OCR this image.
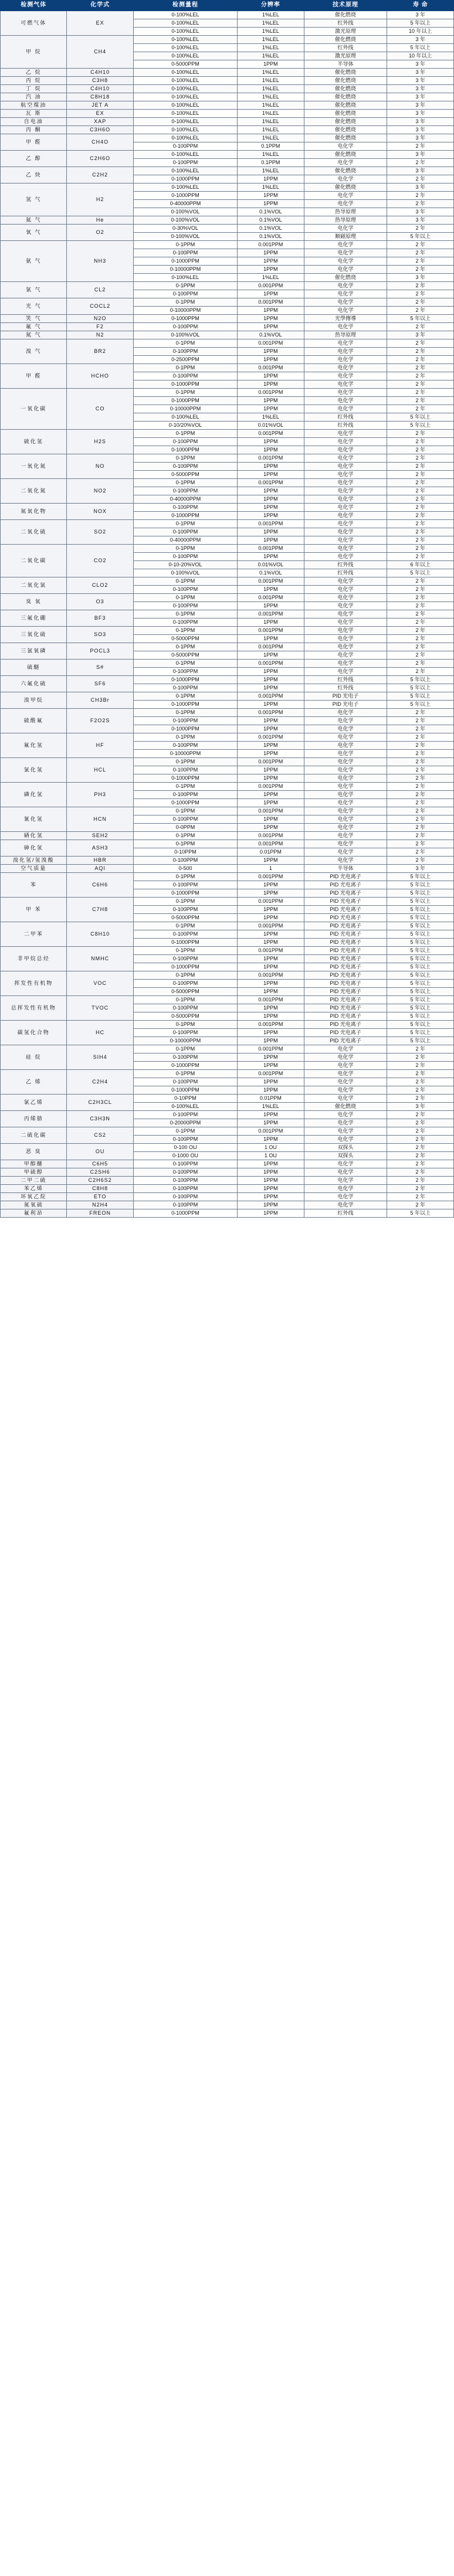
检测气体	化学式	检测量程	分辨率	技术原理	寿 命
可燃气体	EX	0-100%LEL	1%LEL	催化燃烧	3 年
		0-100%LEL	1%LEL	红外线	5 年以上
		0-100%LEL	1%LEL	激光原理	10 年以上
甲 烷	CH4	0-100%LEL	1%LEL	催化燃烧	3 年
		0-100%LEL	1%LEL	红外线	5 年以上
		0-100%LEL	1%LEL	激光原理	10 年以上
		0-5000PPM	1PPM	半导体	3 年
乙 烷	C4H10	0-100%LEL	1%LEL	催化燃烧	3 年
丙 烷	C3H8	0-100%LEL	1%LEL	催化燃烧	3 年
丁 烷	C4H10	0-100%LEL	1%LEL	催化燃烧	3 年
汽 油	C8H18	0-100%LEL	1%LEL	催化燃烧	3 年
航空煤油	JET A	0-100%LEL	1%LEL	催化燃烧	3 年
瓦 斯	EX	0-100%LEL	1%LEL	催化燃烧	3 年
自电油	XAP	0-100%LEL	1%LEL	催化燃烧	3 年
丙 酮	C3H6O	0-100%LEL	1%LEL	催化燃烧	3 年
甲 醛	CH4O	0-100%LEL	1%LEL	催化燃烧	3 年
		0-100PPM	0.1PPM	电化学	2 年
乙 醇	C2H6O	0-100%LEL	1%LEL	催化燃烧	3 年
		0-100PPM	0.1PPM	电化学	2 年
乙 炔	C2H2	0-100%LEL	1%LEL	催化燃烧	3 年
		0-1000PPM	1PPM	电化学	2 年
氢 气	H2	0-100%LEL	1%LEL	催化燃烧	3 年
		0-1000PPM	1PPM	电化学	2 年
		0-40000PPM	1PPM	电化学	2 年
		0-100%VOL	0.1%VOL	热导原理	3 年
氦 气	He	0-100%VOL	0.1%VOL	热导原理	3 年
氧 气	O2	0-30%VOL	0.1%VOL	电化学	2 年
		0-100%VOL	0.1%VOL	顺磁原理	5 年以上
氨 气	NH3	0-1PPM	0.001PPM	电化学	2 年
		0-100PPM	1PPM	电化学	2 年
		0-1000PPM	1PPM	电化学	2 年
		0-10000PPM	1PPM	电化学	2 年
		0-100%LEL	1%LEL	催化燃烧	3 年
氯 气	CL2	0-1PPM	0.001PPM	电化学	2 年
		0-100PPM	1PPM	电化学	2 年
光 气	COCL2	0-1PPM	0.001PPM	电化学	2 年
		0-10000PPM	1PPM	电化学	2 年
笑 气	N2O	0-1000PPM	1PPM	光學傳導	5 年以上
氟 气	F2	0-100PPM	1PPM	电化学	2 年
氮 气	N2	0-100%VOL	0.1%VOL	热导原理	3 年
溴 气	BR2	0-1PPM	0.001PPM	电化学	2 年
		0-100PPM	1PPM	电化学	2 年
		0-2500PPM	1PPM	电化学	2 年
甲 醛	HCHO	0-1PPM	0.001PPM	电化学	2 年
		0-100PPM	1PPM	电化学	2 年
		0-1000PPM	1PPM	电化学	2 年
一氧化碳	CO	0-1PPM	0.001PPM	电化学	2 年
		0-1000PPM	1PPM	电化学	2 年
		0-10000PPM	1PPM	电化学	2 年
		0-100%LEL	1%LEL	红外线	5 年以上
		0-10/20%VOL	0.01%VOL	红外线	5 年以上
硫化氢	H2S	0-1PPM	0.001PPM	电化学	2 年
		0-100PPM	1PPM	电化学	2 年
		0-1000PPM	1PPM	电化学	2 年
一氧化氮	NO	0-1PPM	0.001PPM	电化学	2 年
		0-100PPM	1PPM	电化学	2 年
		0-5000PPM	1PPM	电化学	2 年
二氧化氮	NO2	0-1PPM	0.001PPM	电化学	2 年
		0-100PPM	1PPM	电化学	2 年
		0-40000PPM	1PPM	电化学	2 年
氮氧化物	NOX	0-100PPM	1PPM	电化学	2 年
		0-1000PPM	1PPM	电化学	2 年
二氧化硫	SO2	0-1PPM	0.001PPM	电化学	2 年
		0-100PPM	1PPM	电化学	2 年
		0-40000PPM	1PPM	电化学	2 年
二氧化碳	CO2	0-1PPM	0.001PPM	电化学	2 年
		0-100PPM	1PPM	电化学	2 年
		0-10-20%VOL	0.01%VOL	红外线	6 年以上
		0-100%VOL	0.1%VOL	红外线	5 年以上
二氧化氯	CLO2	0-1PPM	0.001PPM	电化学	2 年
		0-100PPM	1PPM	电化学	2 年
臭 氧	O3	0-1PPM	0.001PPM	电化学	2 年
		0-100PPM	1PPM	电化学	2 年
三氟化硼	BF3	0-1PPM	0.001PPM	电化学	2 年
		0-100PPM	1PPM	电化学	2 年
三氧化硫	SO3	0-1PPM	0.001PPM	电化学	2 年
		0-5000PPM	1PPM	电化学	2 年
三氯氧磷	POCL3	0-1PPM	0.001PPM	电化学	2 年
		0-5000PPM	1PPM	电化学	2 年
硫醚	S#	0-1PPM	0.001PPM	电化学	2 年
		0-100PPM	1PPM	电化学	2 年
六氟化硫	SF6	0-1000PPM	1PPM	红外线	5 年以上
		0-100PPM	1PPM	红外线	5 年以上
溴甲烷	CH3Br	0-1PPM	0.001PPM	PID 光电子	5 年以上
		0-1000PPM	1PPM	PID 光电子	5 年以上
硫酰氟	F2O2S	0-1PPM	0.001PPM	电化学	2 年
		0-100PPM	1PPM	电化学	2 年
		0-1000PPM	1PPM	电化学	2 年
氟化氢	HF	0-1PPM	0.001PPM	电化学	2 年
		0-100PPM	1PPM	电化学	2 年
		0-10000PPM	1PPM	电化学	2 年
氯化氢	HCL	0-1PPM	0.001PPM	电化学	2 年
		0-100PPM	1PPM	电化学	2 年
		0-1000PPM	1PPM	电化学	2 年
磷化氢	PH3	0-1PPM	0.001PPM	电化学	2 年
		0-100PPM	1PPM	电化学	2 年
		0-1000PPM	1PPM	电化学	2 年
氰化氢	HCN	0-1PPM	0.001PPM	电化学	2 年
		0-100PPM	1PPM	电化学	2 年
		0-0PPM	1PPM	电化学	2 年
硒化氢	SEH2	0-1PPM	0.001PPM	电化学	2 年
砷化氢	ASH3	0-1PPM	0.001PPM	电化学	2 年
		0-10PPM	0.01PPM	电化学	2 年
溴化氢/氢溴酸	HBR	0-100PPM	1PPM	电化学	2 年
空气质量	AQI	0-500	1	半导体	3 年
苯	C6H6	0-1PPM	0.001PPM	PID 光电离子	5 年以上
		0-100PPM	1PPM	PID 光电离子	5 年以上
		0-1000PPM	1PPM	PID 光电离子	5 年以上
甲 苯	C7H8	0-1PPM	0.001PPM	PID 光电离子	5 年以上
		0-100PPM	1PPM	PID 光电离子	5 年以上
		0-5000PPM	1PPM	PID 光电离子	5 年以上
二甲苯	C8H10	0-1PPM	0.001PPM	PID 光电离子	5 年以上
		0-100PPM	1PPM	PID 光电离子	5 年以上
		0-1000PPM	1PPM	PID 光电离子	5 年以上
非甲烷总烃	NMHC	0-1PPM	0.001PPM	PID 光电离子	5 年以上
		0-100PPM	1PPM	PID 光电离子	5 年以上
		0-1000PPM	1PPM	PID 光电离子	5 年以上
挥发性有机物	VOC	0-1PPM	0.001PPM	PID 光电离子	5 年以上
		0-100PPM	1PPM	PID 光电离子	5 年以上
		0-5000PPM	1PPM	PID 光电离子	5 年以上
总挥发性有机物	TVOC	0-1PPM	0.001PPM	PID 光电离子	5 年以上
		0-100PPM	1PPM	PID 光电离子	5 年以上
		0-5000PPM	1PPM	PID 光电离子	5 年以上
碳氢化合物	HC	0-1PPM	0.001PPM	PID 光电离子	5 年以上
		0-100PPM	1PPM	PID 光电离子	5 年以上
		0-10000PPM	1PPM	PID 光电离子	5 年以上
硅 烷	SIH4	0-1PPM	0.001PPM	电化学	2 年
		0-100PPM	1PPM	电化学	2 年
		0-1000PPM	1PPM	电化学	2 年
乙 烯	C2H4	0-1PPM	0.001PPM	电化学	2 年
		0-100PPM	1PPM	电化学	2 年
		0-1000PPM	1PPM	电化学	2 年
氯乙烯	C2H3CL	0-10PPM	0.01PPM	电化学	2 年
		0-100%LEL	1%LEL	催化燃烧	3 年
丙烯腈	C3H3N	0-100PPM	1PPM	电化学	2 年
		0-20000PPM	1PPM	电化学	2 年
二硫化碳	CS2	0-1PPM	0.001PPM	电化学	2 年
		0-100PPM	1PPM	电化学	2 年
恶 臭	OU	0-100 OU	1 OU	双探头	2 年
		0-1000 OU	1 OU	双探头	2 年
甲醇醚	C6H5	0-100PPM	1PPM	电化学	2 年
甲硫醇	C2SH6	0-100PPM	1PPM	电化学	2 年
二甲二硫	C2H6S2	0-100PPM	1PPM	电化学	2 年
苯乙烯	C8H8	0-100PPM	1PPM	电化学	2 年
环氧乙烷	ETO	0-100PPM	1PPM	电化学	2 年
氮氧硫	N2H4	0-100PPM	1PPM	电化学	2 年
氟利昂	FREON	0-1000PPM	1PPM	红外线	5 年以上
